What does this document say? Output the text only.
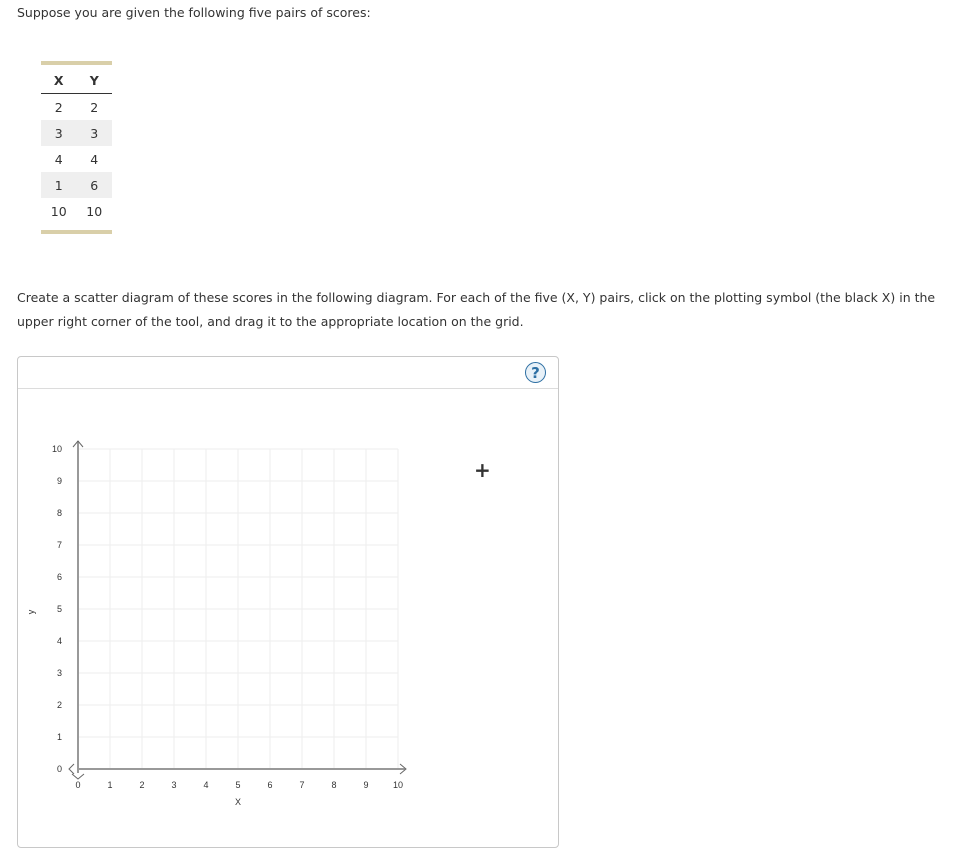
Suppose you are given the following five pairs of scores:
X	Y
2	2
3	3
4	4
1	6
10	10
Create a scatter diagram of these scores in the following diagram. For each of the five (X, Y) pairs, click on the plotting symbol (the black X) in the upper right corner of the tool, and drag it to the appropriate location on the grid.
?
+
0	1	2	3	4	5	6	7	8	9	10
0
1
2
3
4
5
6
7
8
9
10
X
y
